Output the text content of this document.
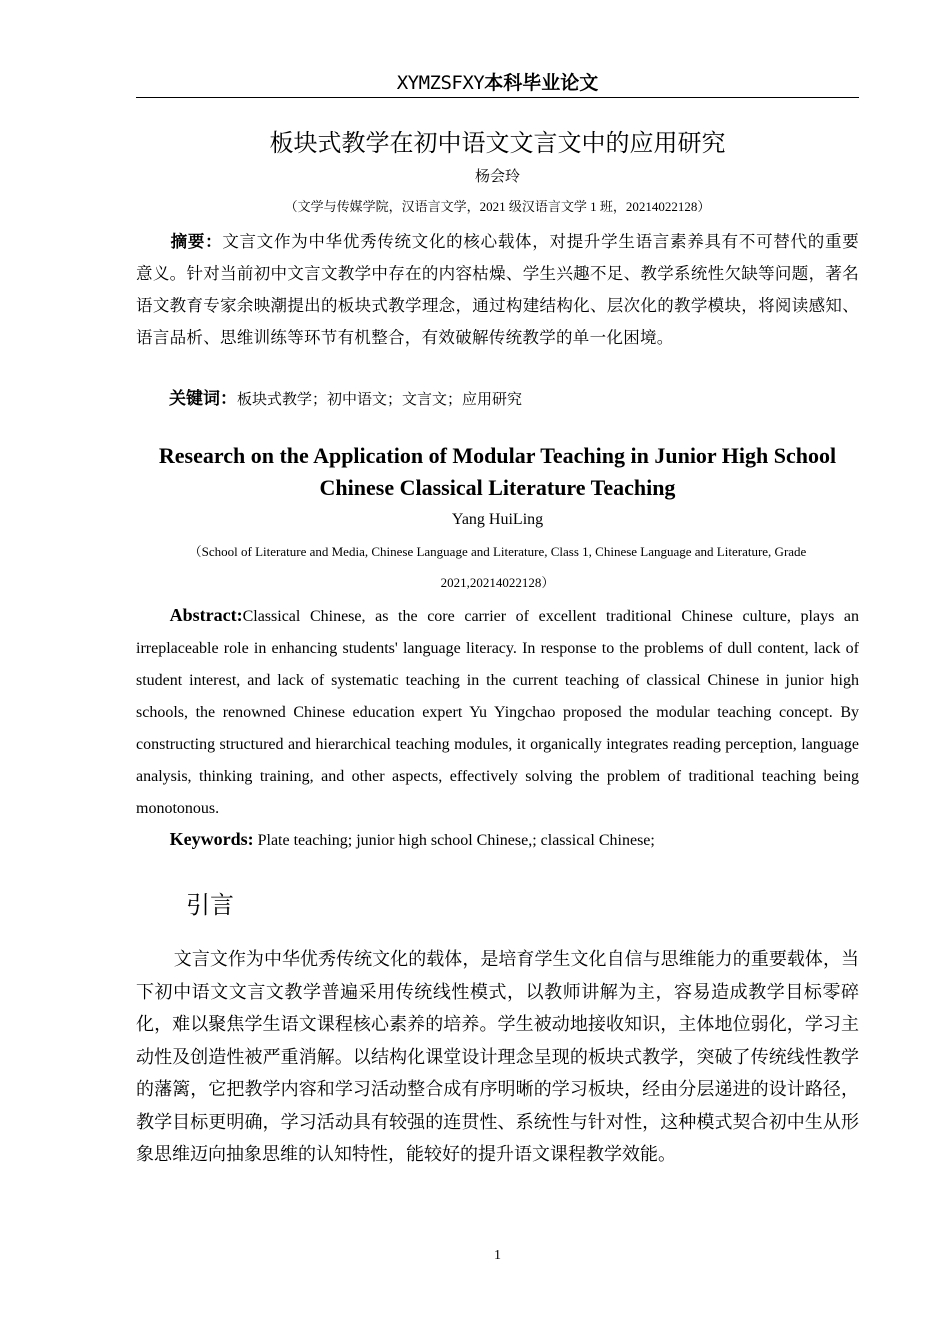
XYMZSFXY本科毕业论文
板块式教学在初中语文文言文中的应用研究
杨会玲
（文学与传媒学院，汉语言文学，2021 级汉语言文学 1 班，20214022128）
摘要：文言文作为中华优秀传统文化的核心载体，对提升学生语言素养具有不可替代的重要意义。针对当前初中文言文教学中存在的内容枯燥、学生兴趣不足、教学系统性欠缺等问题，著名语文教育专家余映潮提出的板块式教学理念，通过构建结构化、层次化的教学模块，将阅读感知、语言品析、思维训练等环节有机整合，有效破解传统教学的单一化困境。
关键词：板块式教学；初中语文；文言文；应用研究
Research on the Application of Modular Teaching in Junior High School
Chinese Classical Literature Teaching
Yang HuiLing
（School of Literature and Media, Chinese Language and Literature, Class 1, Chinese Language and Literature, Grade 2021,20214022128）
Abstract:Classical Chinese, as the core carrier of excellent traditional Chinese culture, plays an irreplaceable role in enhancing students' language literacy. In response to the problems of dull content, lack of student interest, and lack of systematic teaching in the current teaching of classical Chinese in junior high schools, the renowned Chinese education expert Yu Yingchao proposed the modular teaching concept. By constructing structured and hierarchical teaching modules, it organically integrates reading perception, language analysis, thinking training, and other aspects, effectively solving the problem of traditional teaching being monotonous.
Keywords: Plate teaching; junior high school Chinese,; classical Chinese;
引言
文言文作为中华优秀传统文化的载体，是培育学生文化自信与思维能力的重要载体，当下初中语文文言文教学普遍采用传统线性模式，以教师讲解为主，容易造成教学目标零碎化，难以聚焦学生语文课程核心素养的培养。学生被动地接收知识，主体地位弱化，学习主动性及创造性被严重消解。以结构化课堂设计理念呈现的板块式教学，突破了传统线性教学的藩篱，它把教学内容和学习活动整合成有序明晰的学习板块，经由分层递进的设计路径，教学目标更明确，学习活动具有较强的连贯性、系统性与针对性，这种模式契合初中生从形象思维迈向抽象思维的认知特性，能较好的提升语文课程教学效能。
1
